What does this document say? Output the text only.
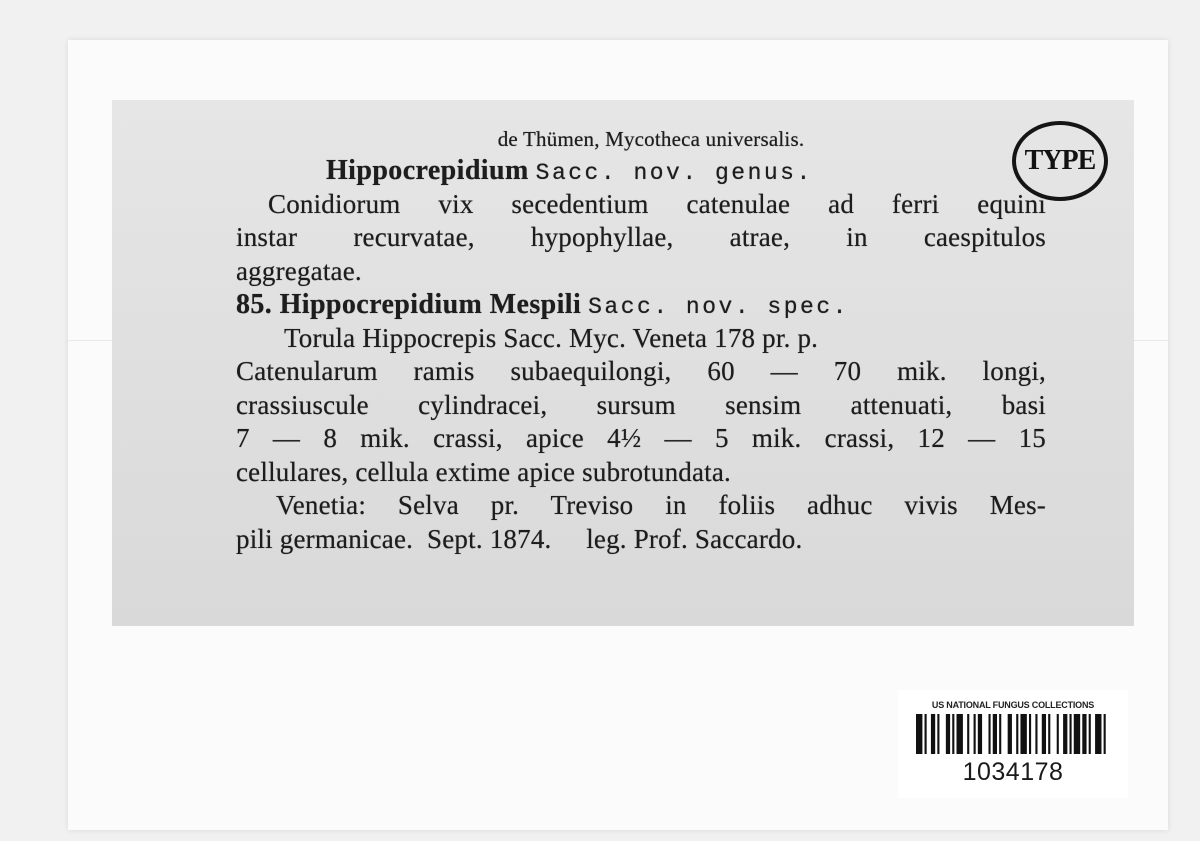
de Thümen, Mycotheca universalis.
Hippocrepidium Sacc. nov. genus.
Conidiorum vix secedentium catenulae ad ferri equini
instar recurvatae, hypophyllae, atrae, in caespitulos
aggregatae.
85. Hippocrepidium Mespili Sacc. nov. spec.
Torula Hippocrepis Sacc. Myc. Veneta 178 pr. p.
Catenularum ramis subaequilongi, 60 — 70 mik. longi,
crassiuscule cylindracei, sursum sensim attenuati, basi
7 — 8 mik. crassi, apice 4½ — 5 mik. crassi, 12 — 15
cellulares, cellula extime apice subrotundata.
Venetia: Selva pr. Treviso in foliis adhuc vivis Mes-
pili germanicae.  Sept. 1874.     leg. Prof. Saccardo.
TYPE
US NATIONAL FUNGUS COLLECTIONS
1034178
